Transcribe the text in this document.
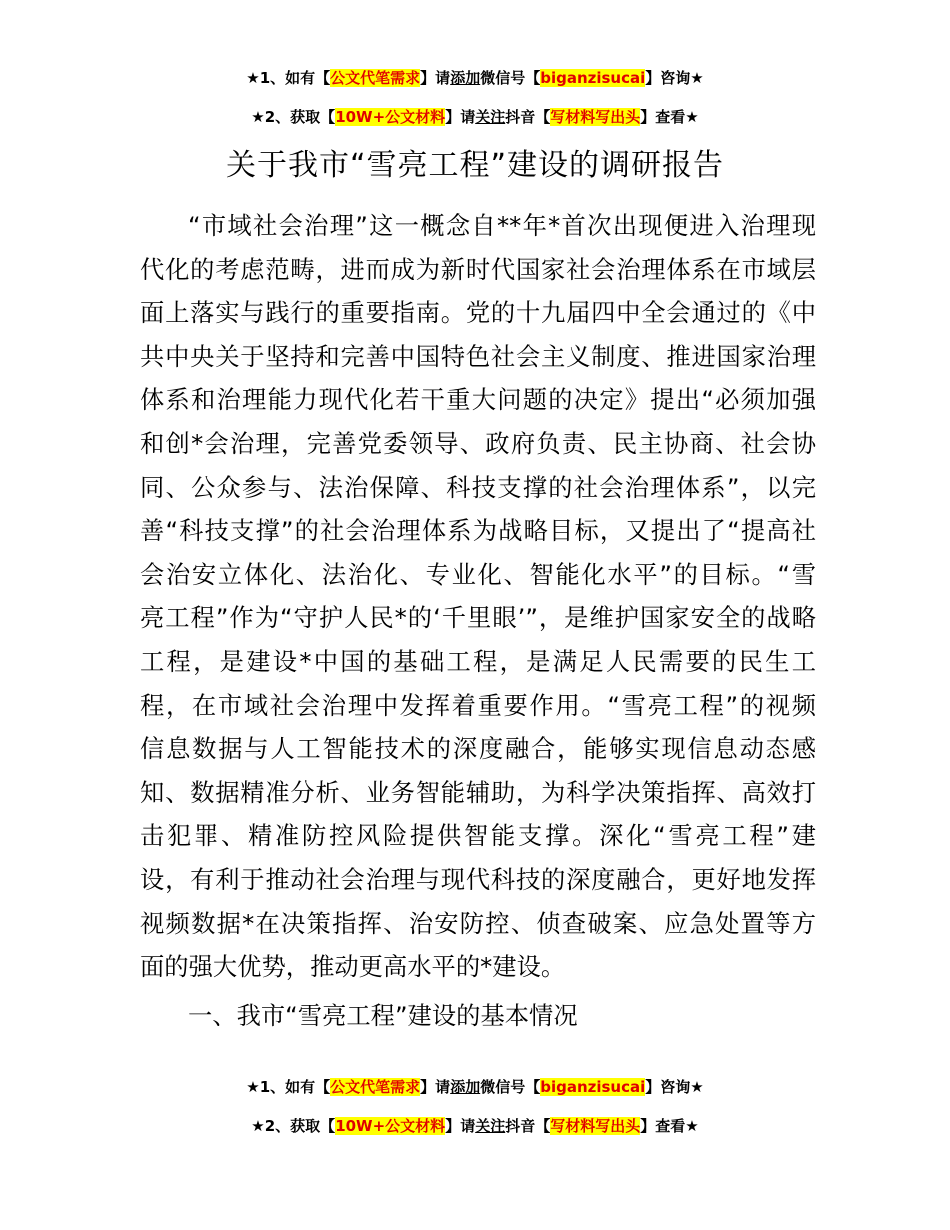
★1、如有【公文代笔需求】请添加微信号【biganzisucai】咨询★
★2、获取【10W+公文材料】请关注抖音【写材料写出头】查看★
关于我市“雪亮工程”建设的调研报告
“市域社会治理”这一概念自**年*首次出现便进入治理现
代化的考虑范畴，进而成为新时代国家社会治理体系在市域层
面上落实与践行的重要指南。党的十九届四中全会通过的《中
共中央关于坚持和完善中国特色社会主义制度、推进国家治理
体系和治理能力现代化若干重大问题的决定》提出“必须加强
和创*会治理，完善党委领导、政府负责、民主协商、社会协
同、公众参与、法治保障、科技支撑的社会治理体系”，以完
善“科技支撑”的社会治理体系为战略目标，又提出了“提高社
会治安立体化、法治化、专业化、智能化水平”的目标。“雪
亮工程”作为“守护人民*的‘千里眼’”，是维护国家安全的战略
工程，是建设*中国的基础工程，是满足人民需要的民生工
程，在市域社会治理中发挥着重要作用。“雪亮工程”的视频
信息数据与人工智能技术的深度融合，能够实现信息动态感
知、数据精准分析、业务智能辅助，为科学决策指挥、高效打
击犯罪、精准防控风险提供智能支撑。深化“雪亮工程”建
设，有利于推动社会治理与现代科技的深度融合，更好地发挥
视频数据*在决策指挥、治安防控、侦查破案、应急处置等方
面的强大优势，推动更高水平的*建设。
一、我市“雪亮工程”建设的基本情况
★1、如有【公文代笔需求】请添加微信号【biganzisucai】咨询★
★2、获取【10W+公文材料】请关注抖音【写材料写出头】查看★
